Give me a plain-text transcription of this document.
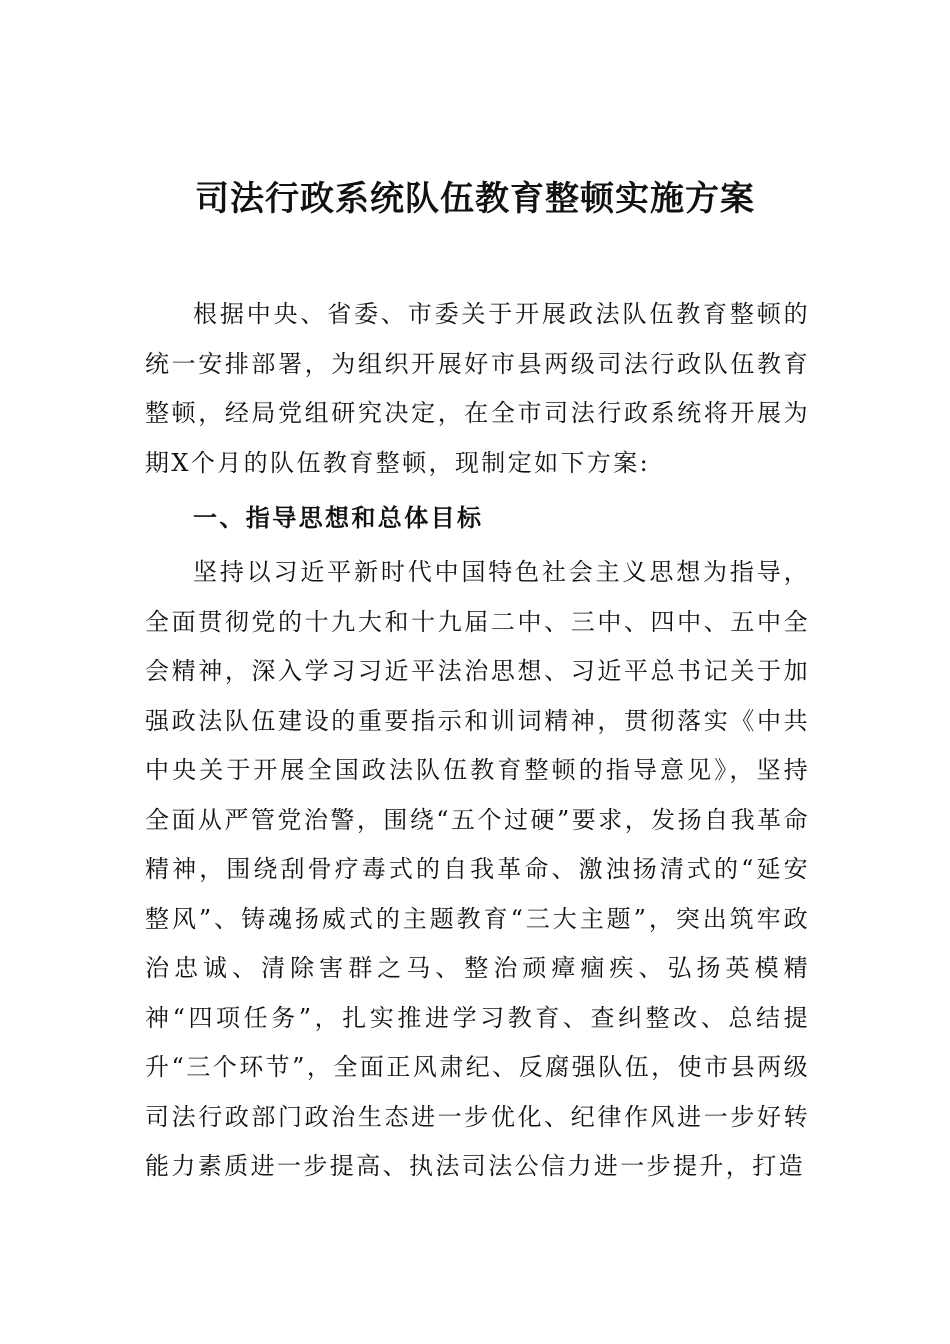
司法行政系统队伍教育整顿实施方案

根据中央、省委、市委关于开展政法队伍教育整顿的统一安排部署，为组织开展好市县两级司法行政队伍教育整顿，经局党组研究决定，在全市司法行政系统将开展为期X个月的队伍教育整顿，现制定如下方案:

一、指导思想和总体目标

坚持以习近平新时代中国特色社会主义思想为指导，全面贯彻党的十九大和十九届二中、三中、四中、五中全会精神，深入学习习近平法治思想、习近平总书记关于加强政法队伍建设的重要指示和训词精神，贯彻落实《中共中央关于开展全国政法队伍教育整顿的指导意见》，坚持全面从严管党治警，围绕“五个过硬”要求，发扬自我革命精神，围绕刮骨疗毒式的自我革命、激浊扬清式的“延安整风”、铸魂扬威式的主题教育“三大主题”，突出筑牢政治忠诚、清除害群之马、整治顽瘴痼疾、弘扬英模精神“四项任务”，扎实推进学习教育、查纠整改、总结提升“三个环节”，全面正风肃纪、反腐强队伍，使市县两级司法行政部门政治生态进一步优化、纪律作风进一步好转能力素质进一步提高、执法司法公信力进一步提升，打造
